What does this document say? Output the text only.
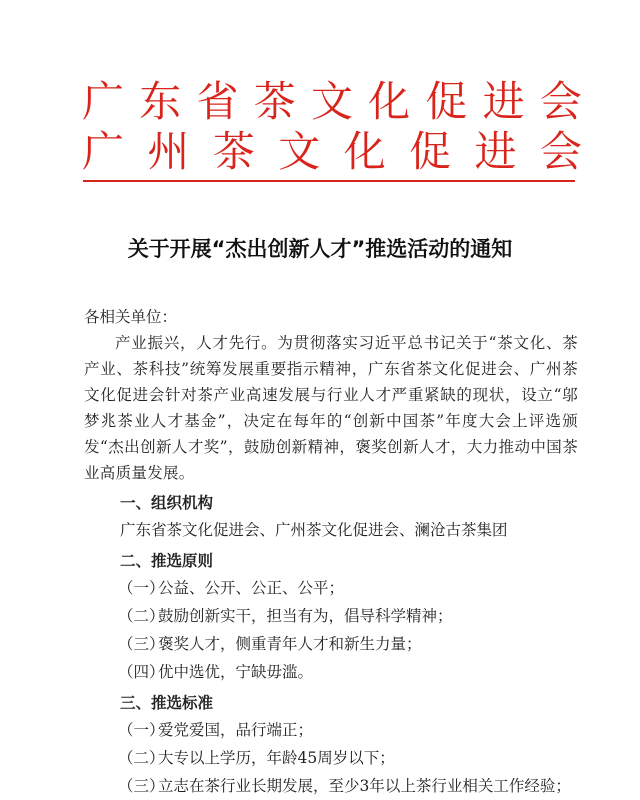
广 东 省 茶 文 化 促 进 会
广 州 茶 文 化 促 进 会
关于开展“杰出创新人才”推选活动的通知

各相关单位：

产业振兴，人才先行。为贯彻落实习近平总书记关于“茶文化、茶产业、茶科技”统筹发展重要指示精神，广东省茶文化促进会、广州茶文化促进会针对茶产业高速发展与行业人才严重紧缺的现状，设立“邬梦兆茶业人才基金”，决定在每年的“创新中国茶”年度大会上评选颁发“杰出创新人才奖”，鼓励创新精神，褒奖创新人才，大力推动中国茶业高质量发展。

一、组织机构
广东省茶文化促进会、广州茶文化促进会、澜沧古茶集团
二、推选原则
（一）
公益、公开、公正、公平；
（二）
鼓励创新实干，担当有为，倡导科学精神；
（三）
褒奖人才，侧重青年人才和新生力量；
（四）
优中选优，宁缺毋滥。
三、推选标准
（一）
爱党爱国，品行端正；
（二）
大专以上学历，年龄45周岁以下；
（三）
立志在茶行业长期发展，至少3年以上茶行业相关工作经验；
